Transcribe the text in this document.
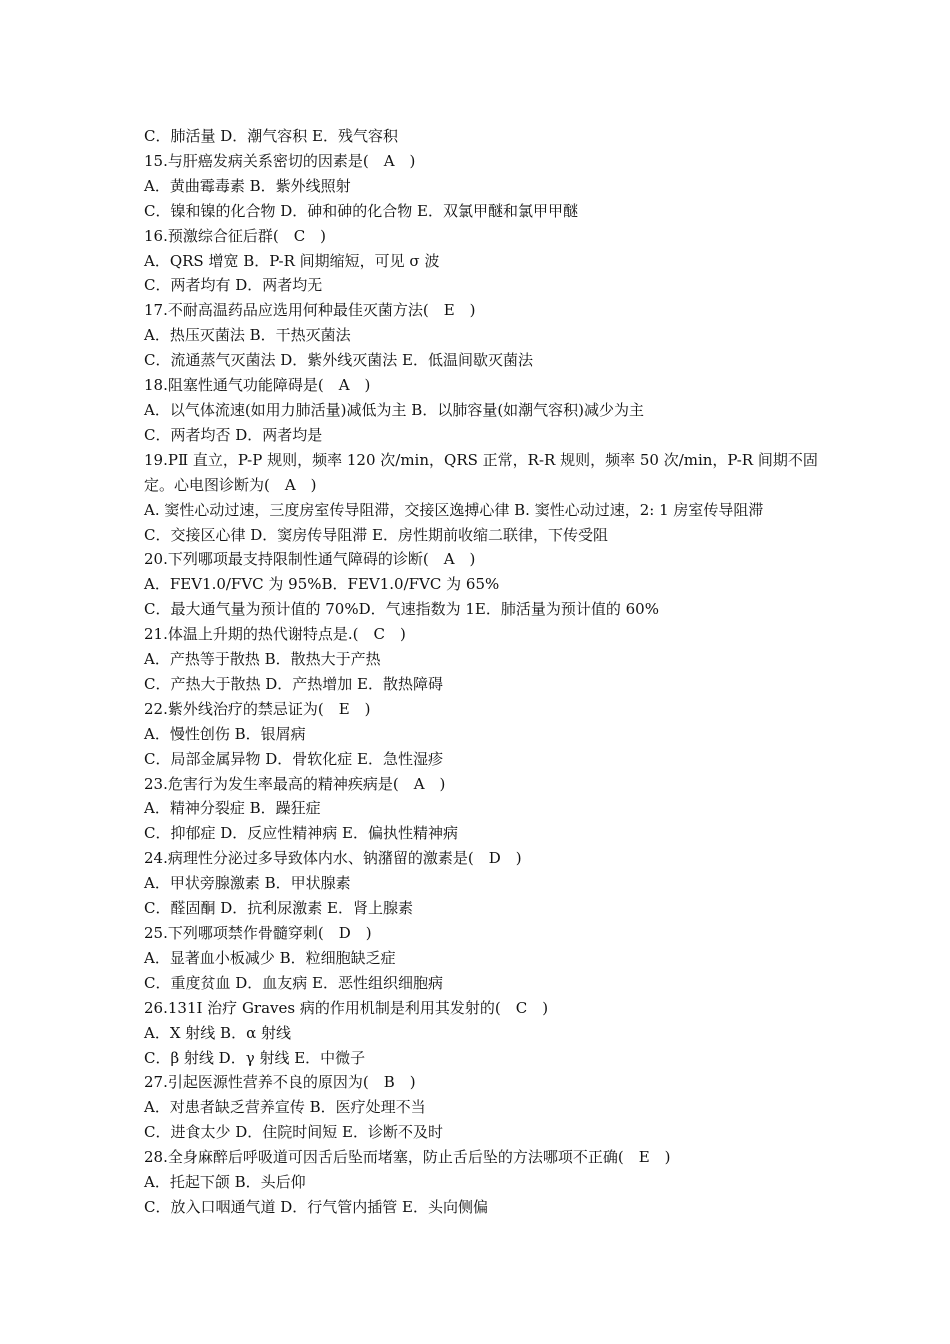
C．肺活量 D．潮气容积 E．残气容积
15.与肝癌发病关系密切的因素是(　A　)
A．黄曲霉毒素 B．紫外线照射
C．镍和镍的化合物 D．砷和砷的化合物 E．双氯甲醚和氯甲甲醚
16.预激综合征后群(　C　)
A．QRS 增宽 B．P-R 间期缩短，可见 σ 波
C．两者均有 D．两者均无
17.不耐高温药品应选用何种最佳灭菌方法(　E　)
A．热压灭菌法 B．干热灭菌法
C．流通蒸气灭菌法 D．紫外线灭菌法 E．低温间歇灭菌法
18.阻塞性通气功能障碍是(　A　)
A．以气体流速(如用力肺活量)减低为主 B．以肺容量(如潮气容积)减少为主
C．两者均否 D．两者均是
19.PⅡ 直立，P-P 规则，频率 120 次/min，QRS 正常，R-R 规则，频率 50 次/min，P-R 间期不固
定。心电图诊断为(　A　)
A. 窦性心动过速，三度房室传导阻滞，交接区逸搏心律 B. 窦性心动过速，2: 1 房室传导阻滞
C．交接区心律 D．窦房传导阻滞 E．房性期前收缩二联律，下传受阻
20.下列哪项最支持限制性通气障碍的诊断(　A　)
A．FEV1.0/FVC 为 95%B．FEV1.0/FVC 为 65%
C．最大通气量为预计值的 70%D．气速指数为 1E．肺活量为预计值的 60%
21.体温上升期的热代谢特点是.(　C　)
A．产热等于散热 B．散热大于产热
C．产热大于散热 D．产热增加 E．散热障碍
22.紫外线治疗的禁忌证为(　E　)
A．慢性创伤 B．银屑病
C．局部金属异物 D．骨软化症 E．急性湿疹
23.危害行为发生率最高的精神疾病是(　A　)
A．精神分裂症 B．躁狂症
C．抑郁症 D．反应性精神病 E．偏执性精神病
24.病理性分泌过多导致体内水、钠潴留的激素是(　D　)
A．甲状旁腺激素 B．甲状腺素
C．醛固酮 D．抗利尿激素 E．肾上腺素
25.下列哪项禁作骨髓穿刺(　D　)
A．显著血小板减少 B．粒细胞缺乏症
C．重度贫血 D．血友病 E．恶性组织细胞病
26.131I 治疗 Graves 病的作用机制是利用其发射的(　C　)
A．X 射线 B．α 射线
C．β 射线 D．γ 射线 E．中微子
27.引起医源性营养不良的原因为(　B　)
A．对患者缺乏营养宣传 B．医疗处理不当
C．进食太少 D．住院时间短 E．诊断不及时
28.全身麻醉后呼吸道可因舌后坠而堵塞，防止舌后坠的方法哪项不正确(　E　)
A．托起下颌 B．头后仰
C．放入口咽通气道 D．行气管内插管 E．头向侧偏
